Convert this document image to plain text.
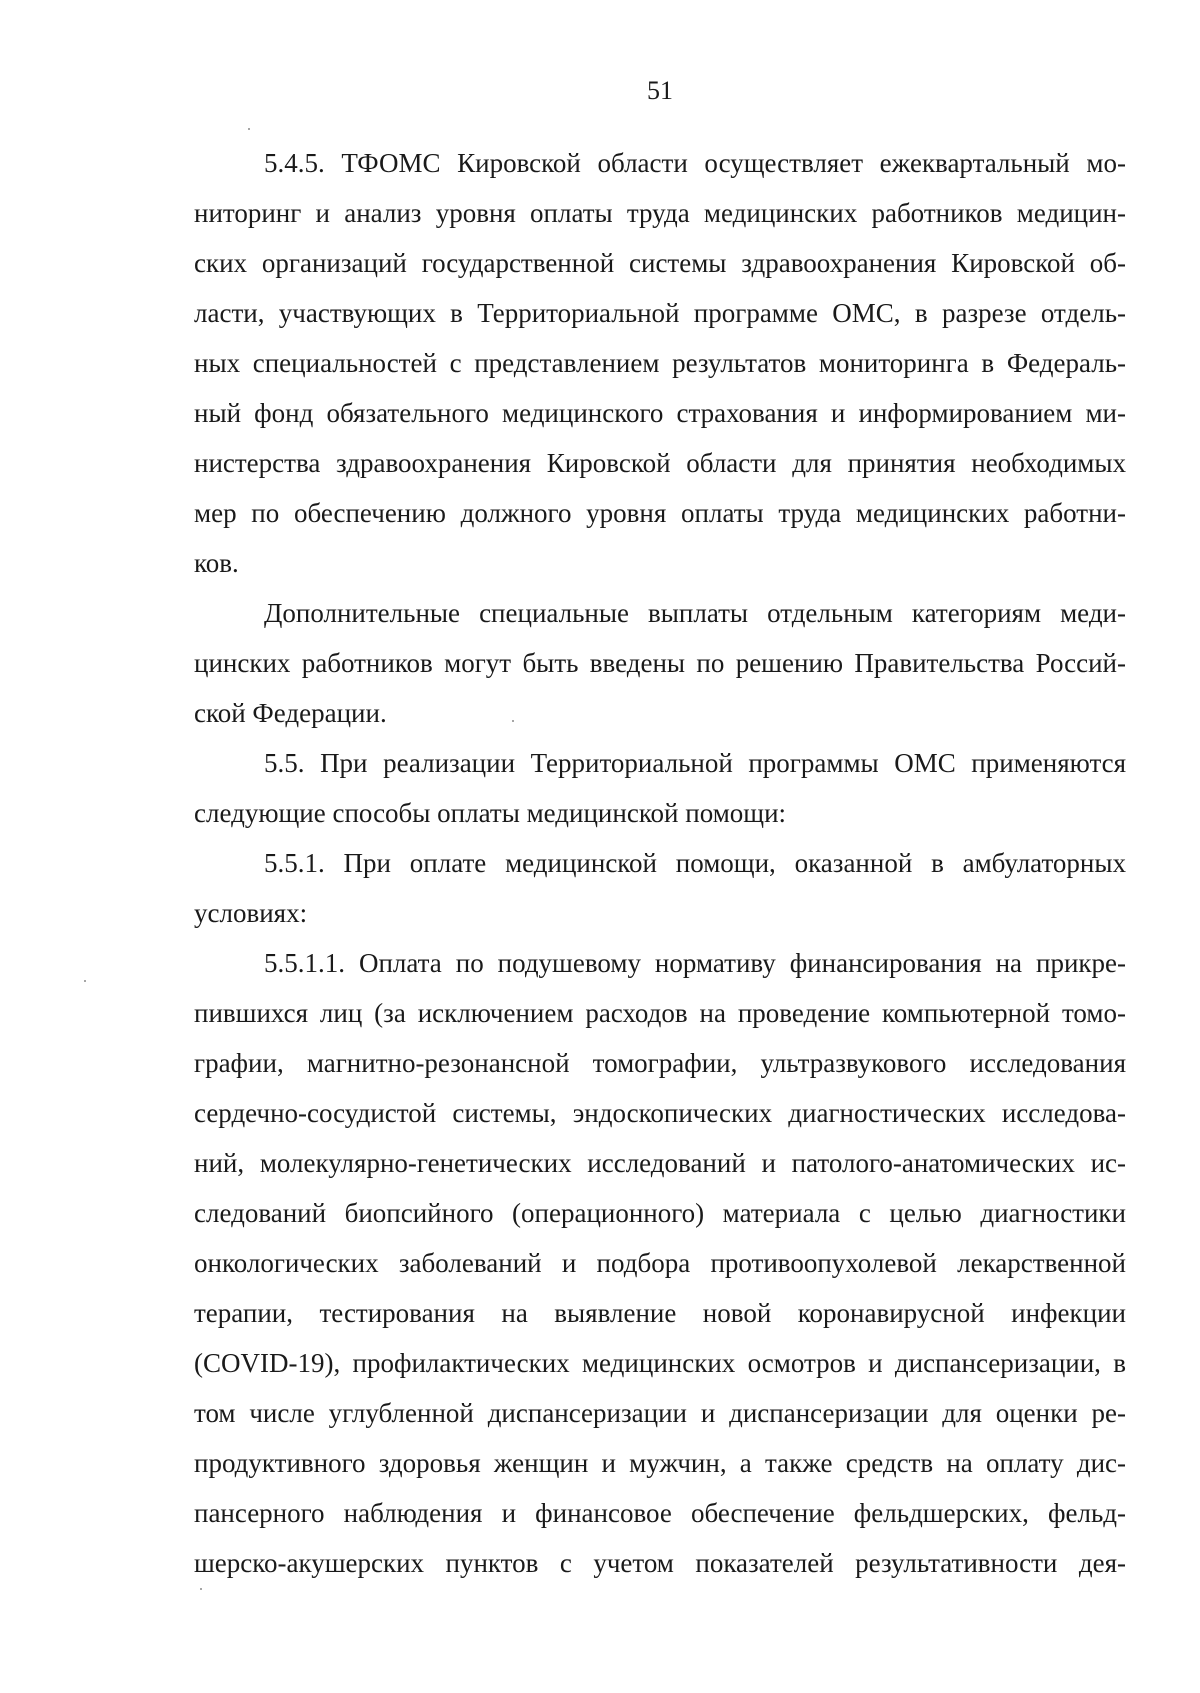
51
5.4.5. ТФОМС Кировской области осуществляет ежеквартальный мо-
ниторинг и анализ уровня оплаты труда медицинских работников медицин-
ских организаций государственной системы здравоохранения Кировской об-
ласти, участвующих в Территориальной программе ОМС, в разрезе отдель-
ных специальностей с представлением результатов мониторинга в Федераль-
ный фонд обязательного медицинского страхования и информированием ми-
нистерства здравоохранения Кировской области для принятия необходимых
мер по обеспечению должного уровня оплаты труда медицинских работни-
ков.
Дополнительные специальные выплаты отдельным категориям меди-
цинских работников могут быть введены по решению Правительства Россий-
ской Федерации.
5.5. При реализации Территориальной программы ОМС применяются
следующие способы оплаты медицинской помощи:
5.5.1. При оплате медицинской помощи, оказанной в амбулаторных
условиях:
5.5.1.1. Оплата по подушевому нормативу финансирования на прикре-
пившихся лиц (за исключением расходов на проведение компьютерной томо-
графии, магнитно-резонансной томографии, ультразвукового исследования
сердечно-сосудистой системы, эндоскопических диагностических исследова-
ний, молекулярно-генетических исследований и патолого-анатомических ис-
следований биопсийного (операционного) материала с целью диагностики
онкологических заболеваний и подбора противоопухолевой лекарственной
терапии, тестирования на выявление новой коронавирусной инфекции
(COVID-19), профилактических медицинских осмотров и диспансеризации, в
том числе углубленной диспансеризации и диспансеризации для оценки ре-
продуктивного здоровья женщин и мужчин, а также средств на оплату дис-
пансерного наблюдения и финансовое обеспечение фельдшерских, фельд-
шерско-акушерских пунктов с учетом показателей результативности дея-
